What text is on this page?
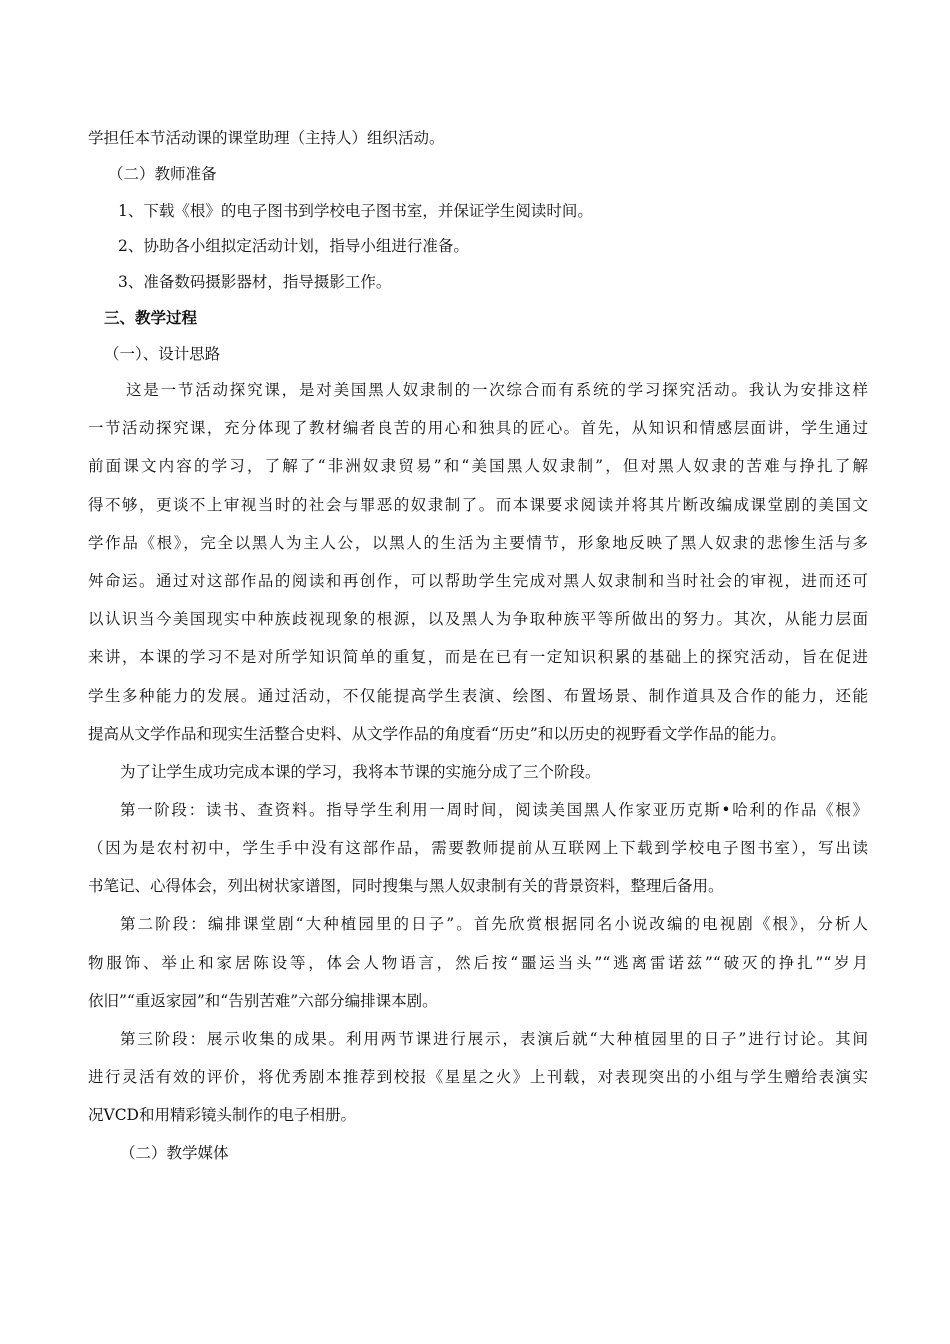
学担任本节活动课的课堂助理（主持人）组织活动。
（二）教师准备
1、下载《根》的电子图书到学校电子图书室，并保证学生阅读时间。
2、协助各小组拟定活动计划，指导小组进行准备。
3、准备数码摄影器材，指导摄影工作。
三、教学过程
（一）、设计思路
这是一节活动探究课，是对美国黑人奴隶制的一次综合而有系统的学习探究活动。我认为安排这样
一节活动探究课，充分体现了教材编者良苦的用心和独具的匠心。首先，从知识和情感层面讲，学生通过
前面课文内容的学习，了解了“非洲奴隶贸易”和“美国黑人奴隶制”，但对黑人奴隶的苦难与挣扎了解
得不够，更谈不上审视当时的社会与罪恶的奴隶制了。而本课要求阅读并将其片断改编成课堂剧的美国文
学作品《根》，完全以黑人为主人公，以黑人的生活为主要情节，形象地反映了黑人奴隶的悲惨生活与多
舛命运。通过对这部作品的阅读和再创作，可以帮助学生完成对黑人奴隶制和当时社会的审视，进而还可
以认识当今美国现实中种族歧视现象的根源，以及黑人为争取种族平等所做出的努力。其次，从能力层面
来讲，本课的学习不是对所学知识简单的重复，而是在已有一定知识积累的基础上的探究活动，旨在促进
学生多种能力的发展。通过活动，不仅能提高学生表演、绘图、布置场景、制作道具及合作的能力，还能
提高从文学作品和现实生活整合史料、从文学作品的角度看“历史”和以历史的视野看文学作品的能力。
为了让学生成功完成本课的学习，我将本节课的实施分成了三个阶段。
第一阶段：读书、查资料。指导学生利用一周时间，阅读美国黑人作家亚历克斯•哈利的作品《根》
（因为是农村初中，学生手中没有这部作品，需要教师提前从互联网上下载到学校电子图书室），写出读
书笔记、心得体会，列出树状家谱图，同时搜集与黑人奴隶制有关的背景资料，整理后备用。
第二阶段：编排课堂剧“大种植园里的日子”。首先欣赏根据同名小说改编的电视剧《根》，分析人
物服饰、举止和家居陈设等，体会人物语言，然后按“噩运当头”“逃离雷诺兹”“破灭的挣扎”“岁月
依旧”“重返家园”和“告别苦难”六部分编排课本剧。
第三阶段：展示收集的成果。利用两节课进行展示，表演后就“大种植园里的日子”进行讨论。其间
进行灵活有效的评价，将优秀剧本推荐到校报《星星之火》上刊载，对表现突出的小组与学生赠给表演实
况VCD和用精彩镜头制作的电子相册。
（二）教学媒体
